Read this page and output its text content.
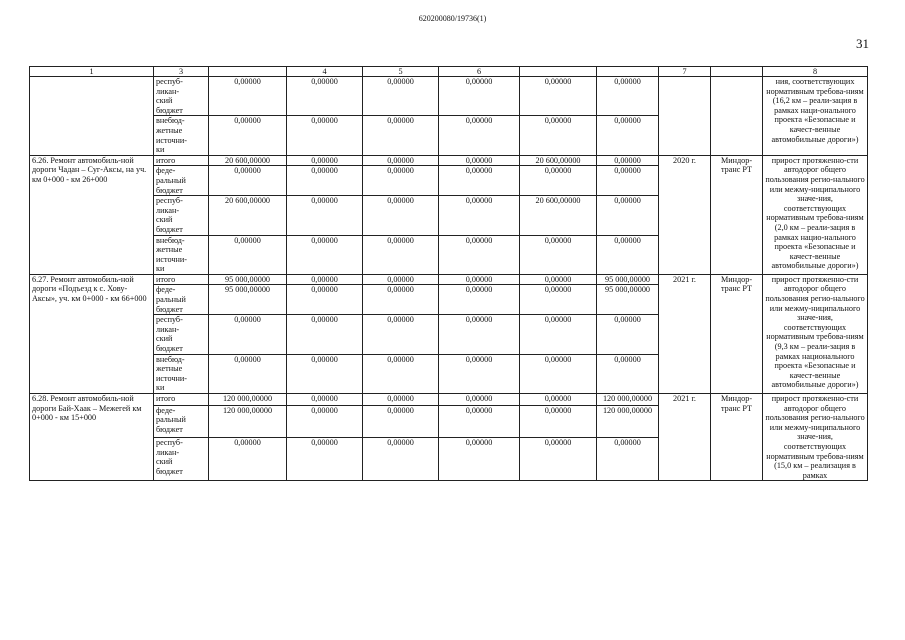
620200080/19736(1)
31
1	3		4	5	6			7		8
	респуб-
ликан-
ский
бюджет	0,00000	0,00000	0,00000	0,00000	0,00000	0,00000			ния, соответствующих нормативным требова-ниям (16,2 км – реали-зация в рамках наци-онального проекта «Безопасные и качест-венные автомобильные дороги»)
	внебюд-
жетные
источни-
ки	0,00000	0,00000	0,00000	0,00000	0,00000	0,00000			
6.26. Ремонт автомобиль-ной дороги Чадан – Суг-Аксы, на уч. км 0+000 - км 26+000	итого	20 600,00000	0,00000	0,00000	0,00000	20 600,00000	0,00000	2020 г.	Миндор-
транс РТ	прирост протяженно-сти автодорог общего пользования регио-нального или межму-ниципального значе-ния, соответствующих нормативным требова-ниям (2,0 км – реали-зация в рамках нацио-нального проекта «Безопасные и качест-венные автомобильные дороги»)
	феде-
ральный
бюджет	0,00000	0,00000	0,00000	0,00000	0,00000	0,00000			
	респуб-
ликан-
ский
бюджет	20 600,00000	0,00000	0,00000	0,00000	20 600,00000	0,00000			
	внебюд-
жетные
источни-
ки	0,00000	0,00000	0,00000	0,00000	0,00000	0,00000			
6.27. Ремонт автомобиль-ной дороги «Подъезд к с. Хову-Аксы», уч. км 0+000 - км 66+000	итого	95 000,00000	0,00000	0,00000	0,00000	0,00000	95 000,00000	2021 г.	Миндор-
транс РТ	прирост протяженно-сти автодорог общего пользования регио-нального или межму-ниципального значе-ния, соответствующих нормативным требова-ниям (9,3 км – реали-зация в рамках национального проекта «Безопасные и качест-венные автомобильные дороги»)
	феде-
ральный
бюджет	95 000,00000	0,00000	0,00000	0,00000	0,00000	95 000,00000			
	респуб-
ликан-
ский
бюджет	0,00000	0,00000	0,00000	0,00000	0,00000	0,00000			
	внебюд-
жетные
источни-
ки	0,00000	0,00000	0,00000	0,00000	0,00000	0,00000			
6.28. Ремонт автомобиль-ной дороги Бай-Хаак – Межегей км 0+000 - км 15+000	итого	120 000,00000	0,00000	0,00000	0,00000	0,00000	120 000,00000	2021 г.	Миндор-
транс РТ	прирост протяженно-сти автодорог общего пользования регио-нального или межму-ниципального значе-ния, соответствующих нормативным требова-ниям (15,0 км – реализация в рамках
	феде-
ральный
бюджет	120 000,00000	0,00000	0,00000	0,00000	0,00000	120 000,00000			
	респуб-
ликан-
ский
бюджет	0,00000	0,00000	0,00000	0,00000	0,00000	0,00000			
